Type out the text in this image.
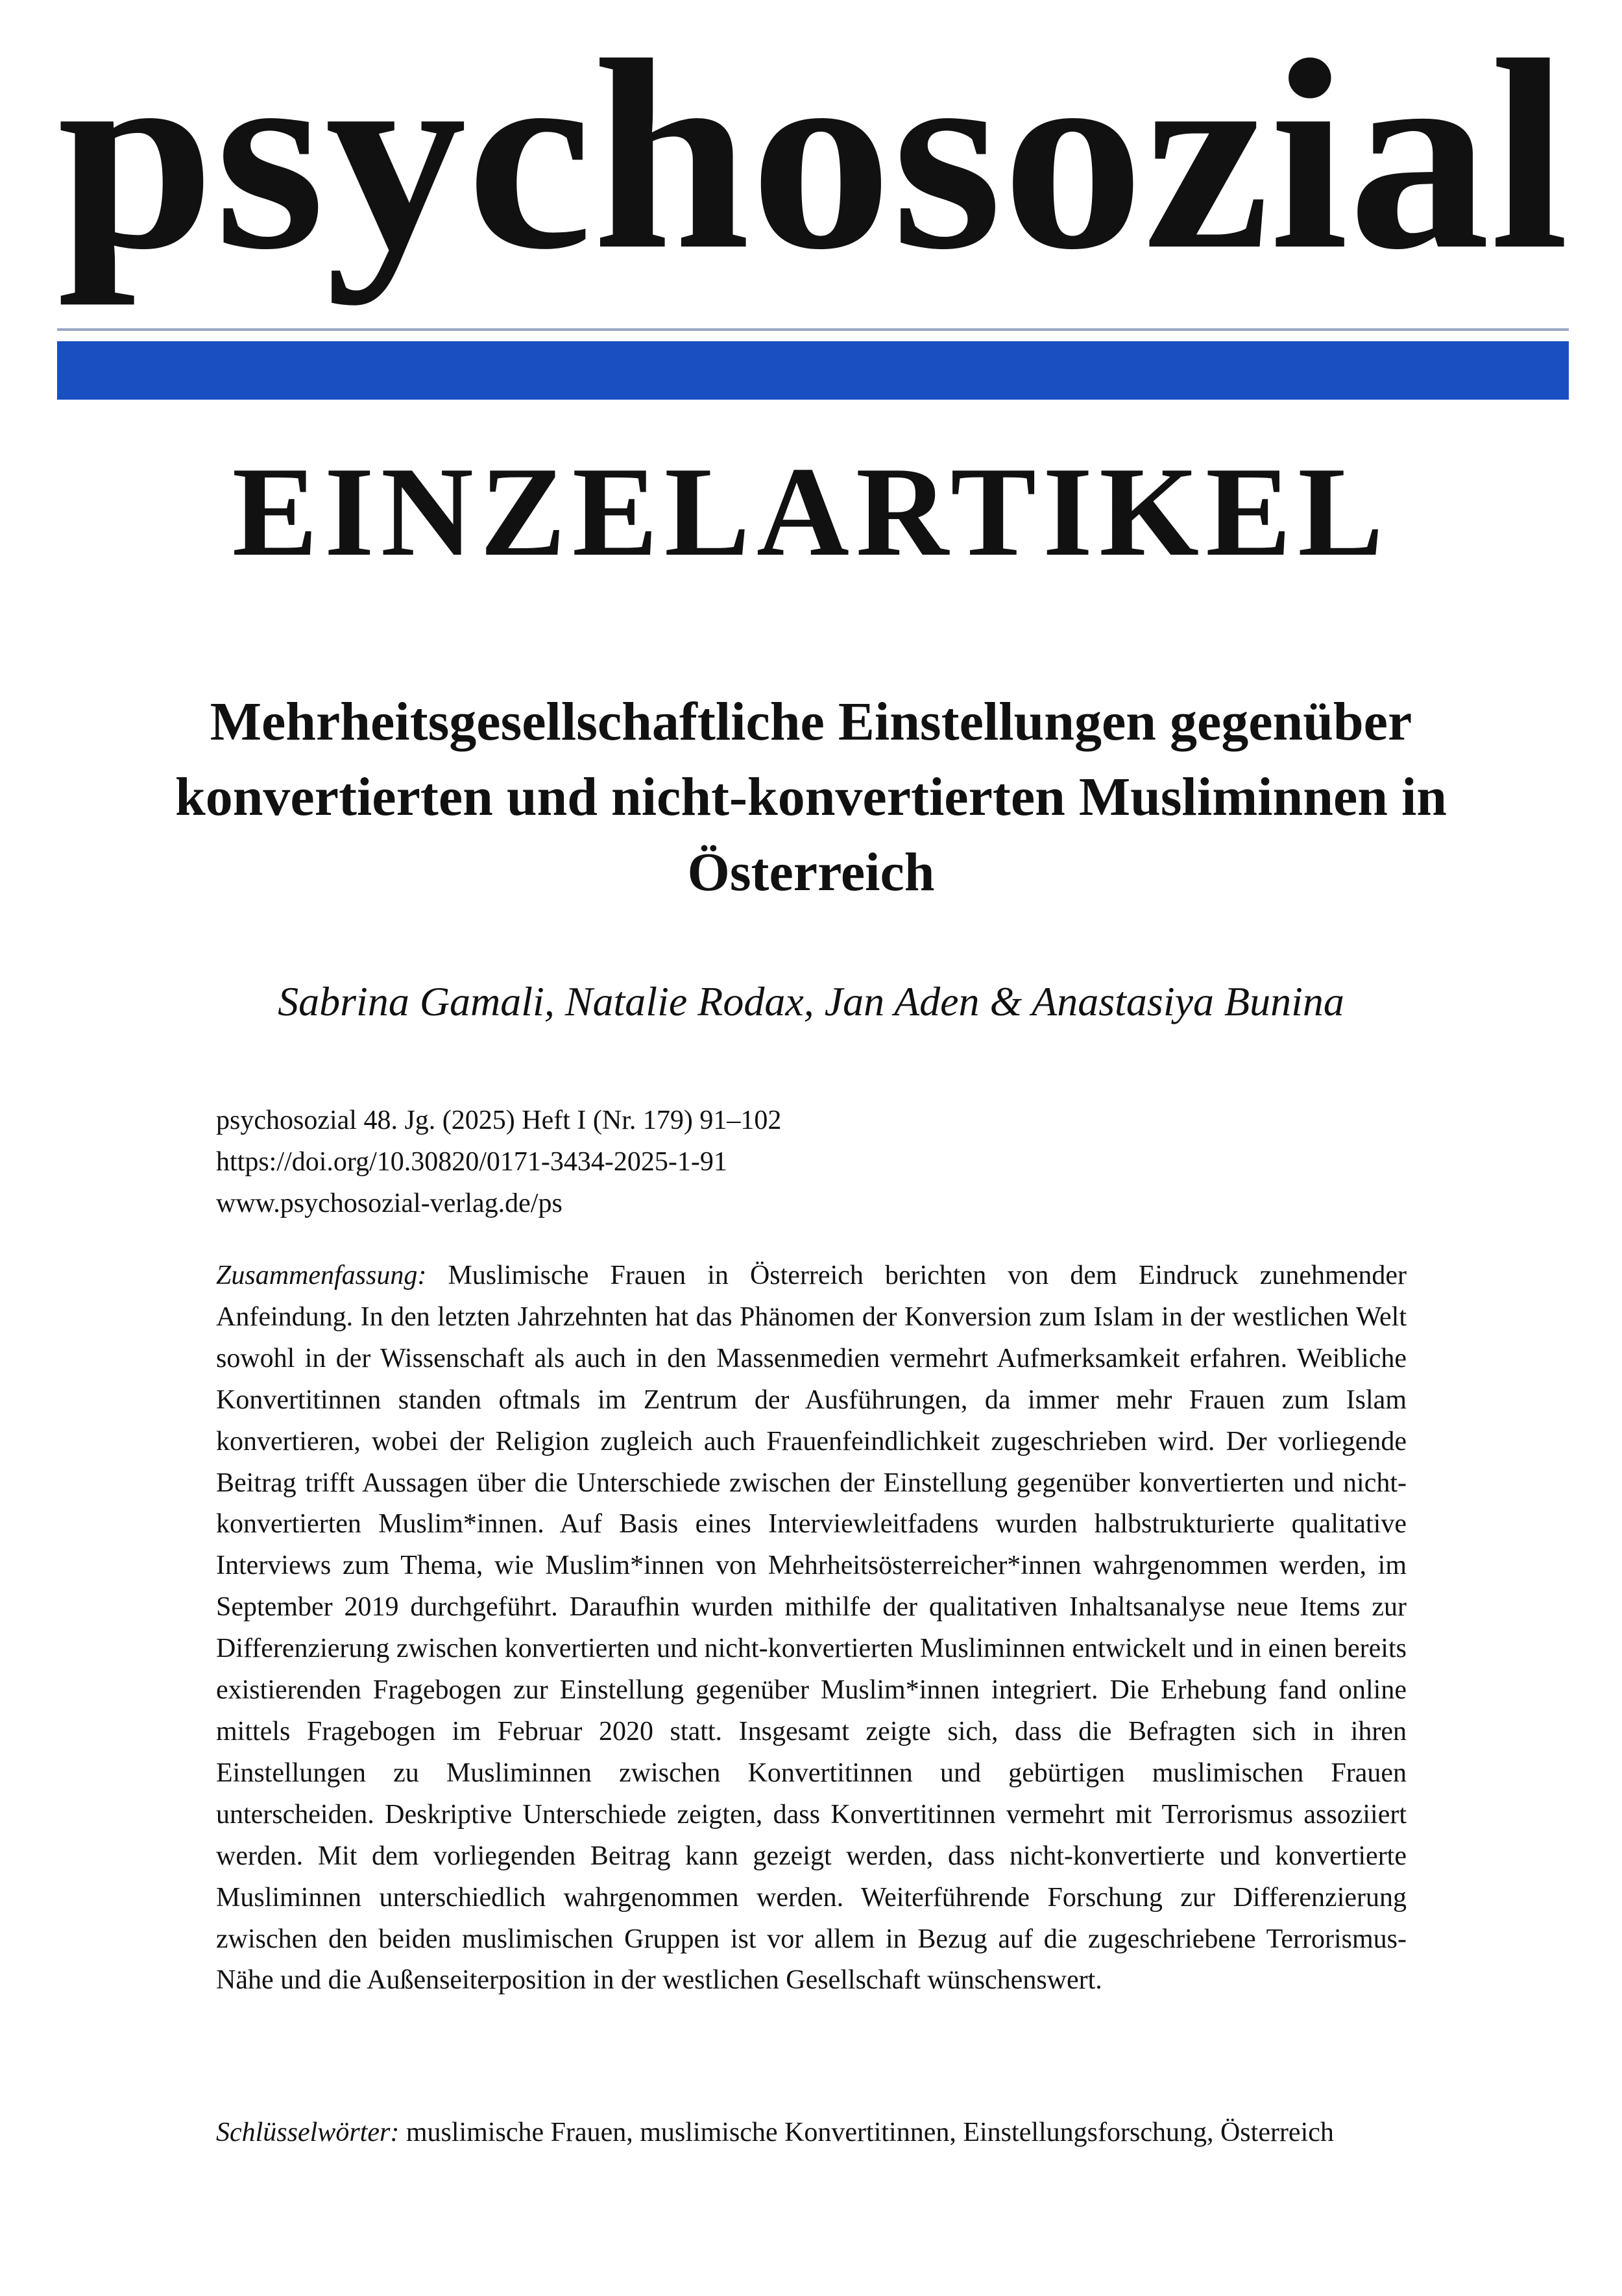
psychosozial
EINZELARTIKEL
Mehrheitsgesellschaftliche Einstellungen gegenüber konvertierten und nicht-konvertierten Musliminnen in Österreich
Sabrina Gamali, Natalie Rodax, Jan Aden & Anastasiya Bunina
psychosozial 48. Jg. (2025) Heft I (Nr. 179) 91–102
https://doi.org/10.30820/0171-3434-2025-1-91
www.psychosozial-verlag.de/ps
Zusammenfassung: Muslimische Frauen in Österreich berichten von dem Eindruck zunehmender Anfeindung. In den letzten Jahrzehnten hat das Phänomen der Konversion zum Islam in der westlichen Welt sowohl in der Wissenschaft als auch in den Massenmedien vermehrt Aufmerksamkeit erfahren. Weibliche Konvertitinnen standen oftmals im Zentrum der Ausführungen, da immer mehr Frauen zum Islam konvertieren, wobei der Religion zugleich auch Frauenfeindlichkeit zugeschrieben wird. Der vorliegende Beitrag trifft Aussagen über die Unterschiede zwischen der Einstellung gegenüber konvertierten und nicht-konvertierten Muslim*innen. Auf Basis eines Interviewleitfadens wurden halbstrukturierte qualitative Interviews zum Thema, wie Muslim*innen von Mehrheitsösterreicher*innen wahrgenommen werden, im September 2019 durchgeführt. Daraufhin wurden mithilfe der qualitativen Inhaltsanalyse neue Items zur Differenzierung zwischen konvertierten und nicht-konvertierten Musliminnen entwickelt und in einen bereits existierenden Fragebogen zur Einstellung gegenüber Muslim*innen integriert. Die Erhebung fand online mittels Fragebogen im Februar 2020 statt. Insgesamt zeigte sich, dass die Befragten sich in ihren Einstellungen zu Musliminnen zwischen Konvertitinnen und gebürtigen muslimischen Frauen unterscheiden. Deskriptive Unterschiede zeigten, dass Konvertitinnen vermehrt mit Terrorismus assoziiert werden. Mit dem vorliegenden Beitrag kann gezeigt werden, dass nicht-konvertierte und konvertierte Musliminnen unterschiedlich wahrgenommen werden. Weiterführende Forschung zur Differenzierung zwischen den beiden muslimischen Gruppen ist vor allem in Bezug auf die zugeschriebene Terrorismus-Nähe und die Außenseiterposition in der westlichen Gesellschaft wünschenswert.
Schlüsselwörter: muslimische Frauen, muslimische Konvertitinnen, Einstellungsforschung, Österreich
